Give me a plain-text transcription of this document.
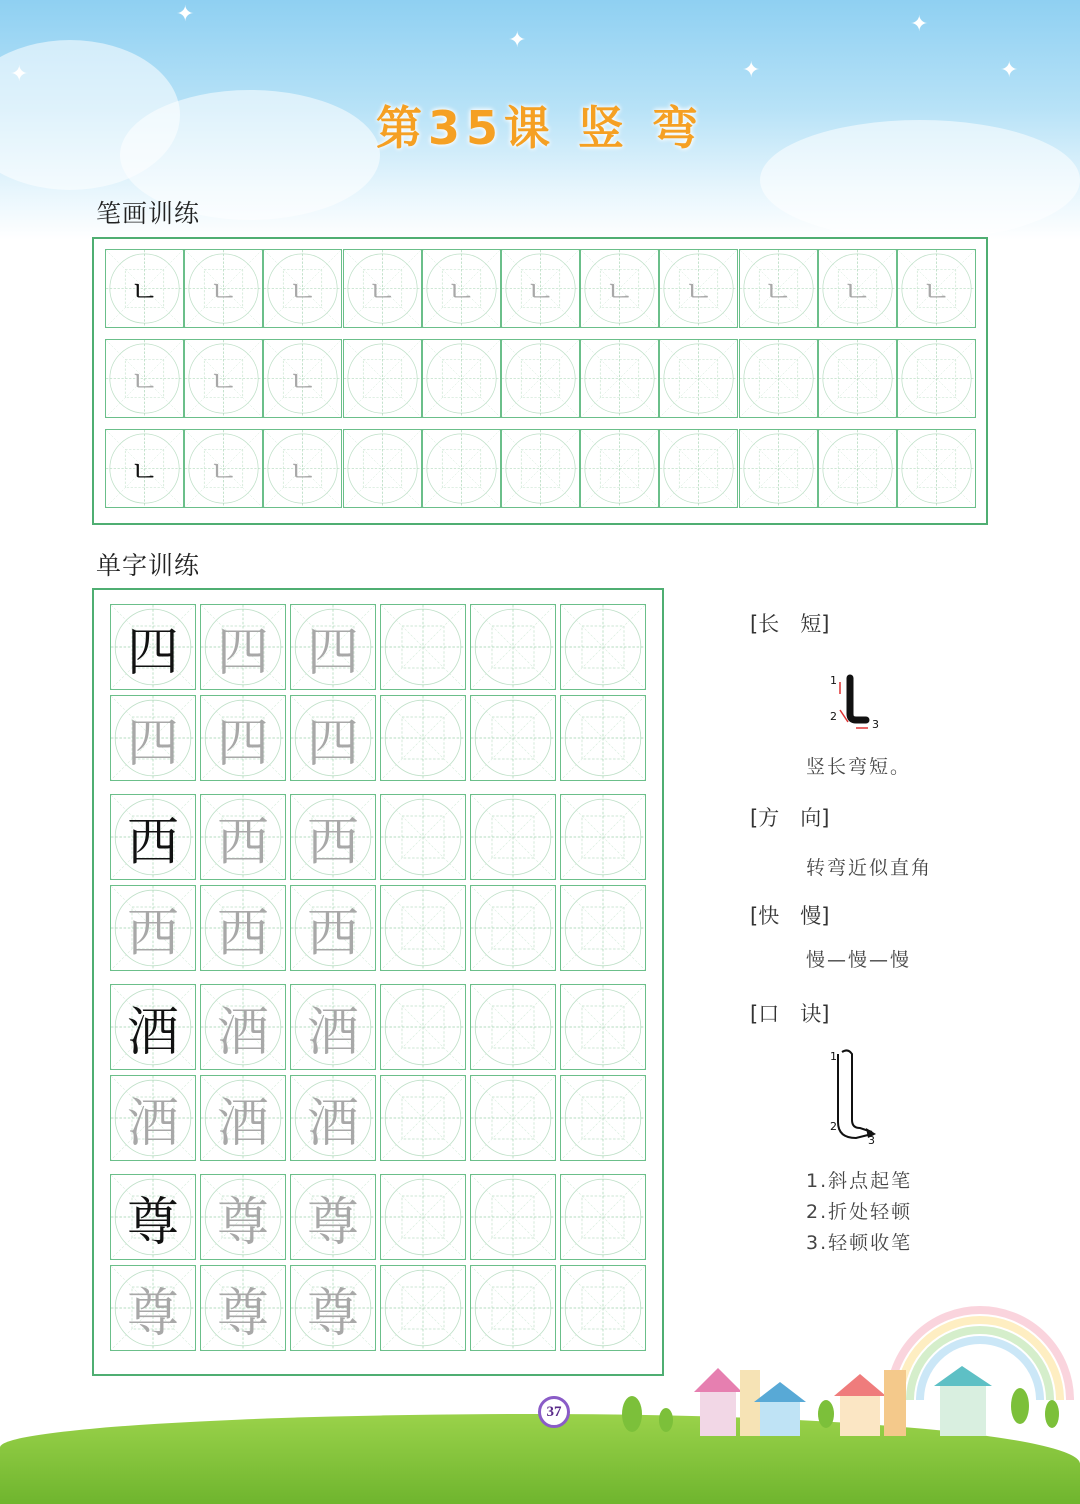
✦
✦
✦
✦
✦
✦
第35课 竖 弯
笔画训练
ㄴ	ㄴ	ㄴ	ㄴ	ㄴ	ㄴ	ㄴ	ㄴ	ㄴ	ㄴ	ㄴ
ㄴ	ㄴ	ㄴ
ㄴ	ㄴ	ㄴ
单字训练
四 四 四
四 四 四
西 西 西
西 西 西
酒 酒 酒
酒 酒 酒
尊 尊 尊
尊 尊 尊
[长　短]
1
2
3
竖长弯短。
[方　向]
转弯近似直角
[快　慢]
慢—慢—慢
[口　诀]
1
2
3
1.斜点起笔
2.折处轻顿
3.轻顿收笔
37
